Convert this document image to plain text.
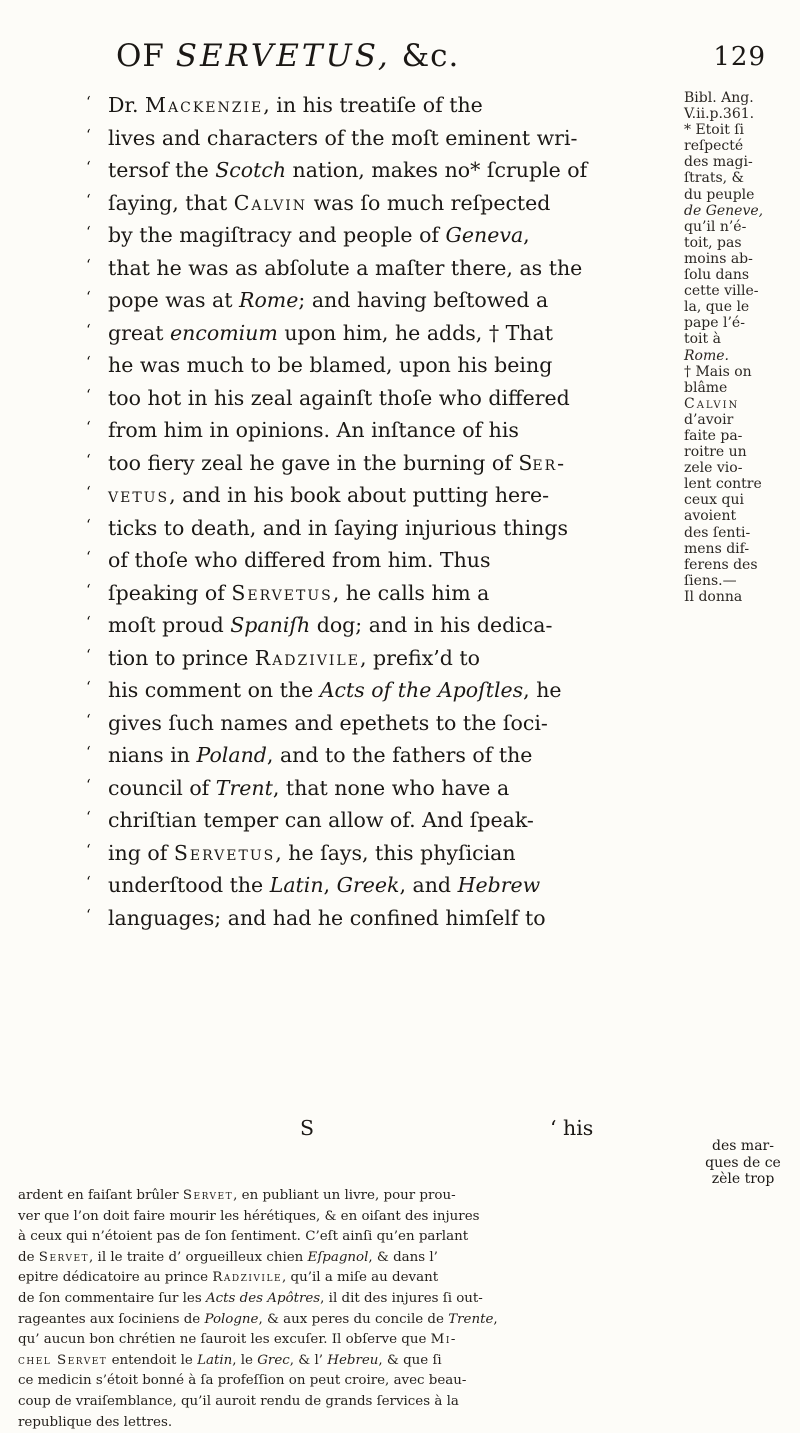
OF SERVETUS, &c.	129
‘Dr. Mackenzie, in his treatiſe of the
‘lives and characters of the moſt eminent wri-
‘tersof the Scotch nation, makes no* ſcruple of
‘ſaying, that Calvin was ſo much reſpected
‘by the magiſtracy and people of Geneva,
‘that he was as abſolute a maſter there, as the
‘pope was at Rome; and having beſtowed a
‘great encomium upon him, he adds, † That
‘he was much to be blamed, upon his being
‘too hot in his zeal againſt thoſe who differed
‘from him in opinions. An inſtance of his
‘too fiery zeal he gave in the burning of Ser-
‘vetus, and in his book about putting here-
‘ticks to death, and in ſaying injurious things
‘of thoſe who differed from him. Thus
‘ſpeaking of Servetus, he calls him a
‘moſt proud Spaniſh dog; and in his dedica-
‘tion to prince Radzivile, prefix’d to
‘his comment on the Acts of the Apoſtles, he
‘gives ſuch names and epethets to the ſoci-
‘nians in Poland, and to the fathers of the
‘council of Trent, that none who have a
‘chriſtian temper can allow of. And ſpeak-
‘ing of Servetus, he ſays, this phyſician
‘underſtood the Latin, Greek, and Hebrew
‘languages; and had he confined himſelf to
Bibl. Ang.
V.ii.p.361.
* Etoit ſi
reſpecté
des magi-
ſtrats, &
du peuple
de Geneve,
qu’il n’é-
toit, pas
moins ab-
ſolu dans
cette ville-
la, que le
pape l’é-
toit à
Rome.
† Mais on
blâme
Calvin
d’avoir
faite pa-
roitre un
zele vio-
lent contre
ceux qui
avoient
des ſenti-
mens dif-
ferens des
ſiens.—
Il donna
S	‘ his
des mar-
ques de ce
zèle trop
ardent en faiſant brûler Servet, en publiant un livre, pour prou-
ver que l’on doit faire mourir les hérétiques, & en oiſant des injures
à ceux qui n’étoient pas de ſon ſentiment. C’eſt ainſi qu’en parlant
de Servet, il le traite d’ orgueilleux chien Eſpagnol, & dans l’
epitre dédicatoire au prince Radzivile, qu’il a miſe au devant
de ſon commentaire ſur les Acts des Apôtres, il dit des injures ſi out-
rageantes aux ſociniens de Pologne, & aux peres du concile de Trente,
qu’ aucun bon chrétien ne ſauroit les excuſer. Il obſerve que Mi-
chel Servet entendoit le Latin, le Grec, & l’ Hebreu, & que ſi
ce medicin s’étoit bonné à ſa profeſſion on peut croire, avec beau-
coup de vraiſemblance, qu’il auroit rendu de grands ſervices à la
republique des lettres.
